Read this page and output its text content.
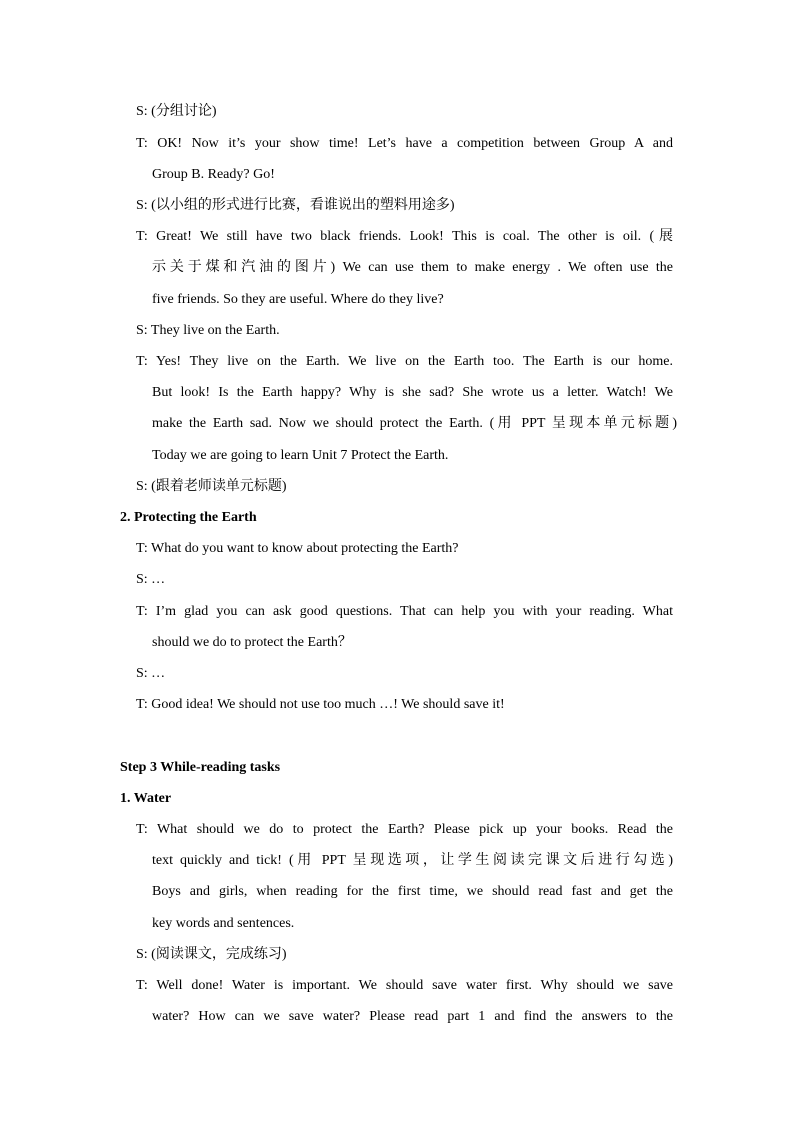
S: (分组讨论)
T: OK! Now it’s your show time! Let’s have a competition between Group A and
Group B. Ready? Go!
S: (以小组的形式进行比赛，看谁说出的塑料用途多)
T: Great! We still have two black friends. Look! This is coal. The other is oil. (展
示关于煤和汽油的图片) We can use them to make energy . We often use the
five friends. So they are useful. Where do they live?
S: They live on the Earth.
T: Yes! They live on the Earth. We live on the Earth too. The Earth is our home.
But look! Is the Earth happy? Why is she sad? She wrote us a letter. Watch! We
make the Earth sad. Now we should protect the Earth. (用 PPT 呈现本单元标题)
Today we are going to learn Unit 7 Protect the Earth.
S: (跟着老师读单元标题)
2. Protecting the Earth
T: What do you want to know about protecting the Earth?
S: …
T: I’m glad you can ask good questions. That can help you with your reading. What
should we do to protect the Earth？
S: …
T: Good idea! We should not use too much …! We should save it!
Step 3 While-reading tasks
1. Water
T: What should we do to protect the Earth? Please pick up your books. Read the
text quickly and tick! (用 PPT 呈现选项，让学生阅读完课文后进行勾选)
Boys and girls, when reading for the first time, we should read fast and get the
key words and sentences.
S: (阅读课文，完成练习)
T: Well done! Water is important. We should save water first. Why should we save
water? How can we save water? Please read part 1 and find the answers to the
